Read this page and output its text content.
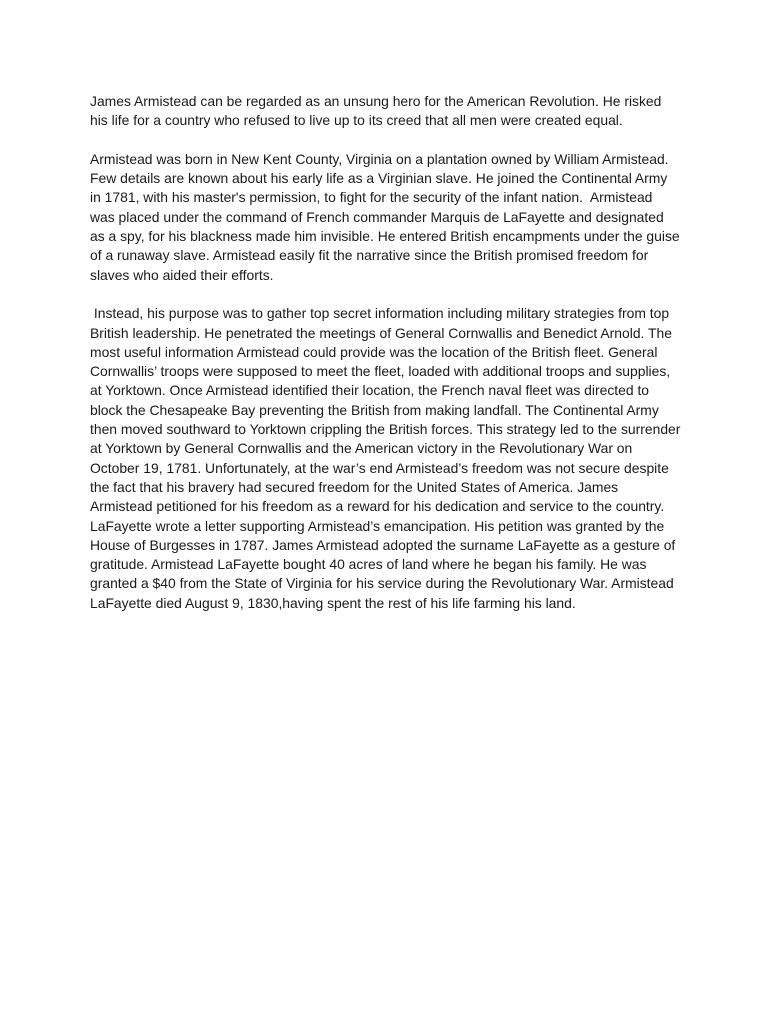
James Armistead can be regarded as an unsung hero for the American Revolution. He risked
his life for a country who refused to live up to its creed that all men were created equal.

Armistead was born in New Kent County, Virginia on a plantation owned by William Armistead.
Few details are known about his early life as a Virginian slave. He joined the Continental Army
in 1781, with his master's permission, to fight for the security of the infant nation.  Armistead
was placed under the command of French commander Marquis de LaFayette and designated
as a spy, for his blackness made him invisible. He entered British encampments under the guise
of a runaway slave. Armistead easily fit the narrative since the British promised freedom for
slaves who aided their efforts.

Instead, his purpose was to gather top secret information including military strategies from top
British leadership. He penetrated the meetings of General Cornwallis and Benedict Arnold. The
most useful information Armistead could provide was the location of the British fleet. General
Cornwallis’ troops were supposed to meet the fleet, loaded with additional troops and supplies,
at Yorktown. Once Armistead identified their location, the French naval fleet was directed to
block the Chesapeake Bay preventing the British from making landfall. The Continental Army
then moved southward to Yorktown crippling the British forces. This strategy led to the surrender
at Yorktown by General Cornwallis and the American victory in the Revolutionary War on
October 19, 1781. Unfortunately, at the war’s end Armistead’s freedom was not secure despite
the fact that his bravery had secured freedom for the United States of America. James
Armistead petitioned for his freedom as a reward for his dedication and service to the country.
LaFayette wrote a letter supporting Armistead’s emancipation. His petition was granted by the
House of Burgesses in 1787. James Armistead adopted the surname LaFayette as a gesture of
gratitude. Armistead LaFayette bought 40 acres of land where he began his family. He was
granted a $40 from the State of Virginia for his service during the Revolutionary War. Armistead
LaFayette died August 9, 1830,having spent the rest of his life farming his land.
